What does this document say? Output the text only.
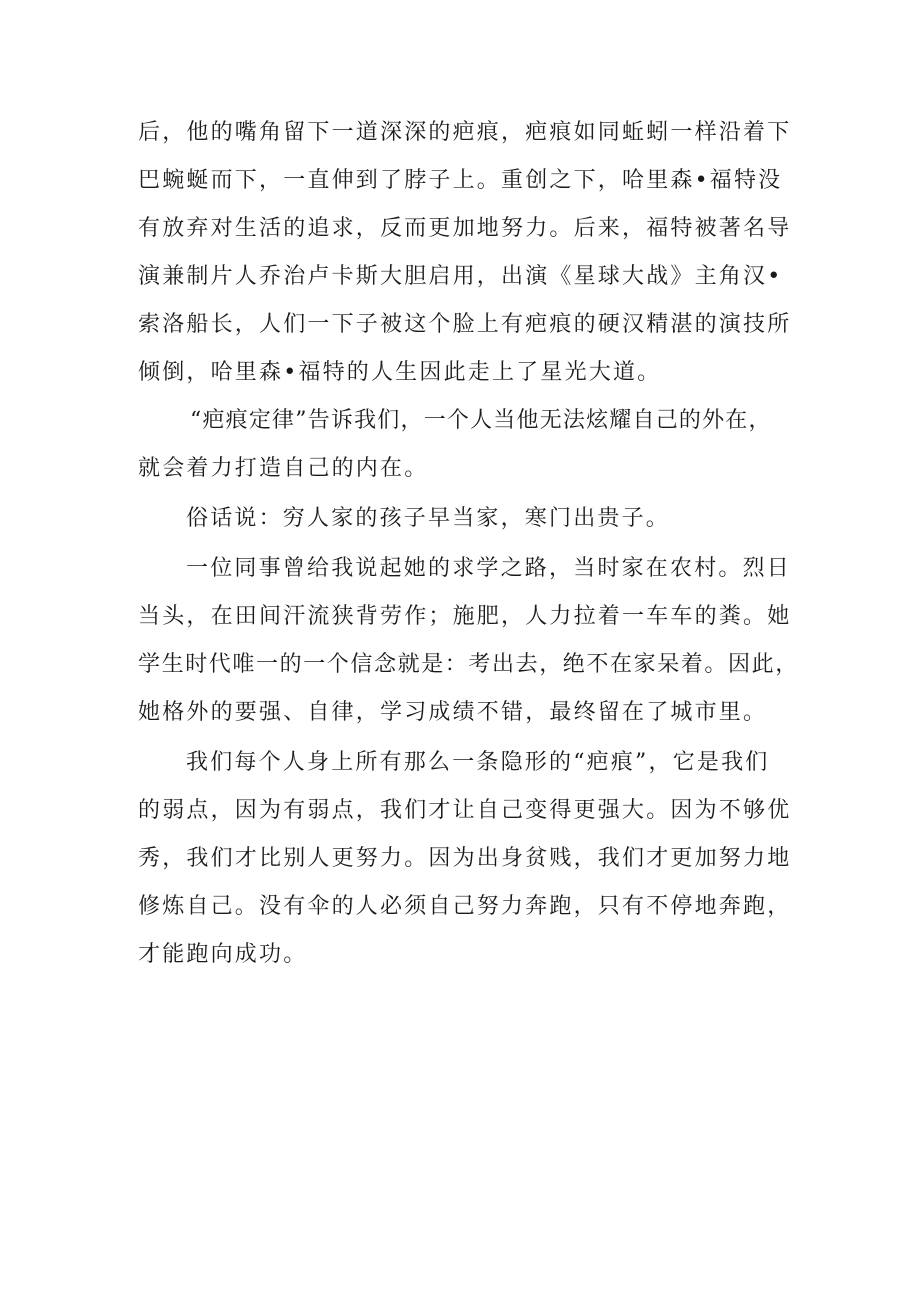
后，他的嘴角留下一道深深的疤痕，疤痕如同蚯蚓一样沿着下

巴蜿蜒而下，一直伸到了脖子上。重创之下，哈里森•福特没

有放弃对生活的追求，反而更加地努力。后来，福特被著名导

演兼制片人乔治卢卡斯大胆启用，出演《星球大战》主角汉•

索洛船长，人们一下子被这个脸上有疤痕的硬汉精湛的演技所

倾倒，哈里森•福特的人生因此走上了星光大道。

“疤痕定律”告诉我们，一个人当他无法炫耀自己的外在，

就会着力打造自己的内在。

俗话说：穷人家的孩子早当家，寒门出贵子。

一位同事曾给我说起她的求学之路，当时家在农村。烈日

当头，在田间汗流狭背劳作；施肥，人力拉着一车车的粪。她

学生时代唯一的一个信念就是：考出去，绝不在家呆着。因此，

她格外的要强、自律，学习成绩不错，最终留在了城市里。

我们每个人身上所有那么一条隐形的“疤痕”，它是我们

的弱点，因为有弱点，我们才让自己变得更强大。因为不够优

秀，我们才比别人更努力。因为出身贫贱，我们才更加努力地

修炼自己。没有伞的人必须自己努力奔跑，只有不停地奔跑，

才能跑向成功。
